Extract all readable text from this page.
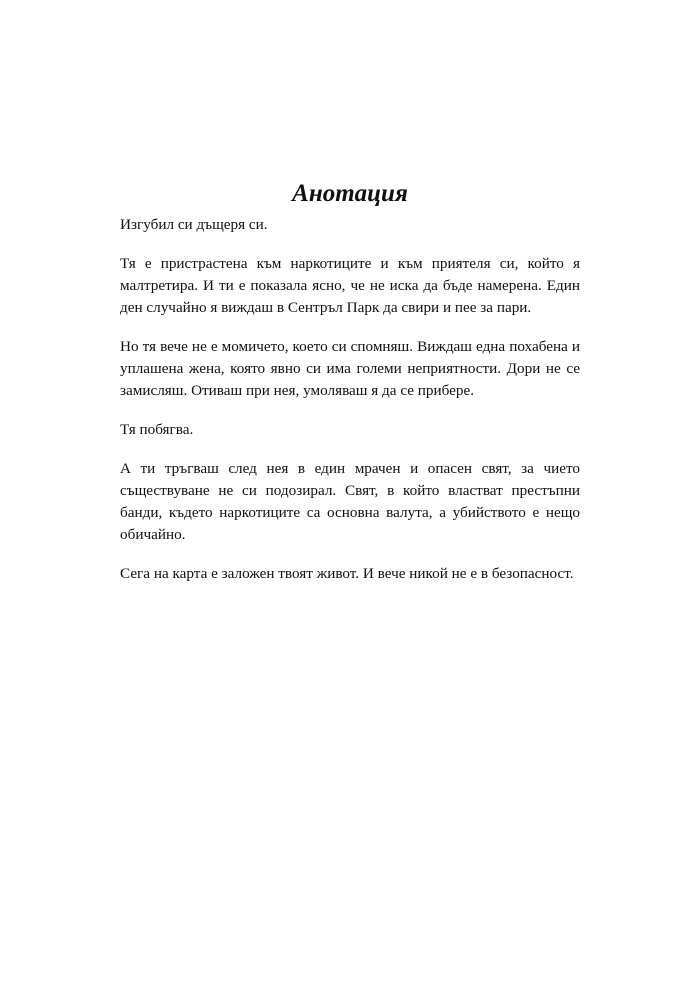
Анотация

Изгубил си дъщеря си.

Тя е пристрастена към наркотиците и към приятеля си, който я малтретира. И ти е показала ясно, че не иска да бъде намерена. Един ден случайно я виждаш в Сентръл Парк да свири и пее за пари.

Но тя вече не е момичето, което си спомняш. Виждаш една похабена и уплашена жена, която явно си има големи неприятности. Дори не се замисляш. Отиваш при нея, умоляваш я да се прибере.

Тя побягва.

А ти тръгваш след нея в един мрачен и опасен свят, за чието съществуване не си подозирал. Свят, в който властват престъпни банди, където наркотиците са основна валута, а убийството е нещо обичайно.

Сега на карта е заложен твоят живот. И вече никой не е в безопасност.
